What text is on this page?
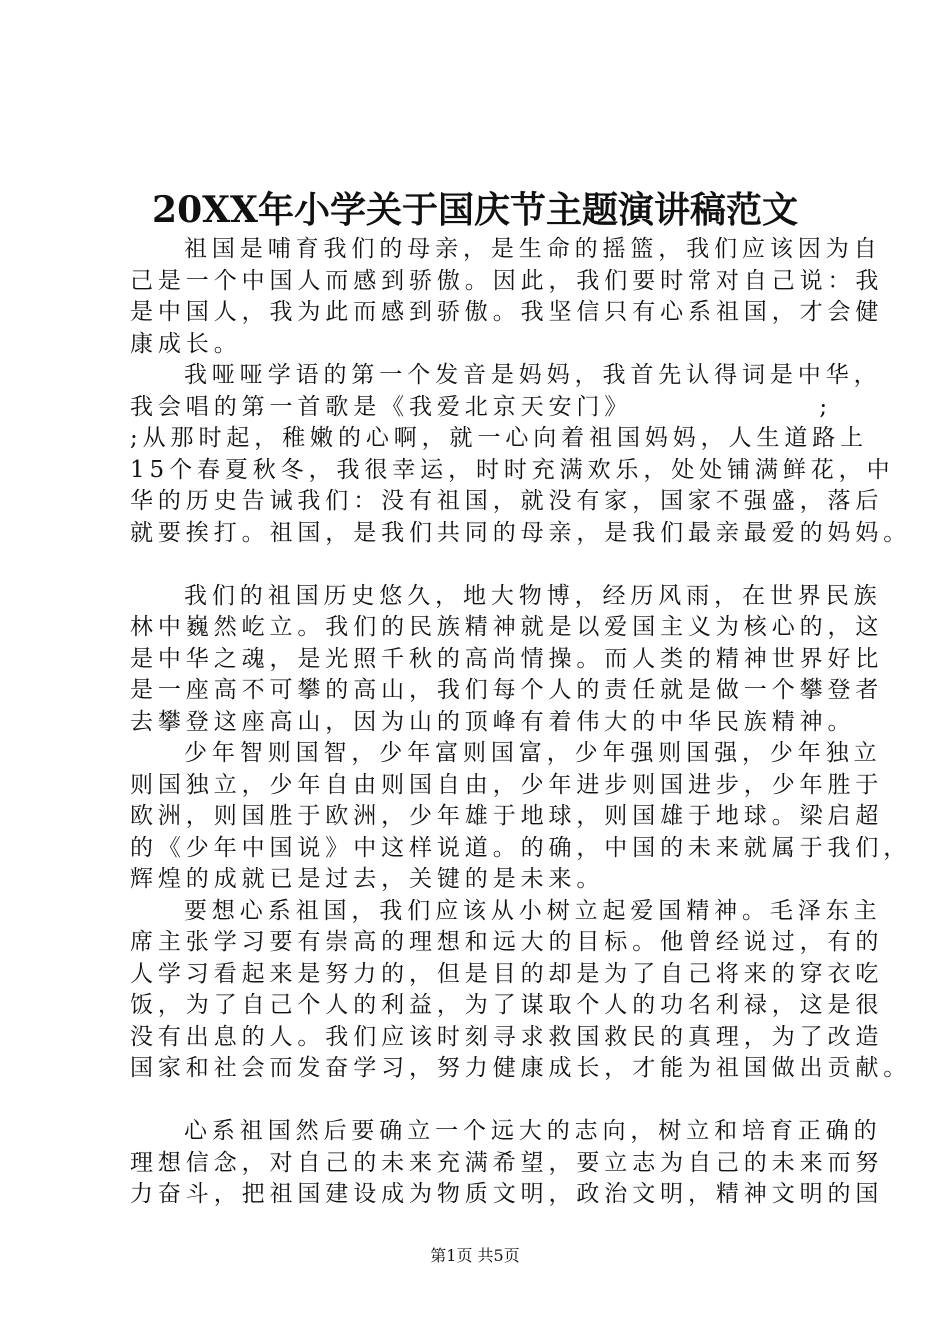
20XX年小学关于国庆节主题演讲稿范文
祖国是哺育我们的母亲，是生命的摇篮，我们应该因为自
己是一个中国人而感到骄傲。因此，我们要时常对自己说：我
是中国人，我为此而感到骄傲。我坚信只有心系祖国，才会健
康成长。
我哑哑学语的第一个发音是妈妈，我首先认得词是中华，
我会唱的第一首歌是《我爱北京天安门》	;
;从那时起，稚嫩的心啊，就一心向着祖国妈妈，人生道路上
15个春夏秋冬，我很幸运，时时充满欢乐，处处铺满鲜花，中
华的历史告诫我们：没有祖国，就没有家，国家不强盛，落后
就要挨打。祖国，是我们共同的母亲，是我们最亲最爱的妈妈。
我们的祖国历史悠久，地大物博，经历风雨，在世界民族
林中巍然屹立。我们的民族精神就是以爱国主义为核心的，这
是中华之魂，是光照千秋的高尚情操。而人类的精神世界好比
是一座高不可攀的高山，我们每个人的责任就是做一个攀登者
去攀登这座高山，因为山的顶峰有着伟大的中华民族精神。
少年智则国智，少年富则国富，少年强则国强，少年独立
则国独立，少年自由则国自由，少年进步则国进步，少年胜于
欧洲，则国胜于欧洲，少年雄于地球，则国雄于地球。梁启超
的《少年中国说》中这样说道。的确，中国的未来就属于我们，
辉煌的成就已是过去，关键的是未来。
要想心系祖国，我们应该从小树立起爱国精神。毛泽东主
席主张学习要有崇高的理想和远大的目标。他曾经说过，有的
人学习看起来是努力的，但是目的却是为了自己将来的穿衣吃
饭，为了自己个人的利益，为了谋取个人的功名利禄，这是很
没有出息的人。我们应该时刻寻求救国救民的真理，为了改造
国家和社会而发奋学习，努力健康成长，才能为祖国做出贡献。
心系祖国然后要确立一个远大的志向，树立和培育正确的
理想信念，对自己的未来充满希望，要立志为自己的未来而努
力奋斗，把祖国建设成为物质文明，政治文明，精神文明的国
第1页 共5页
